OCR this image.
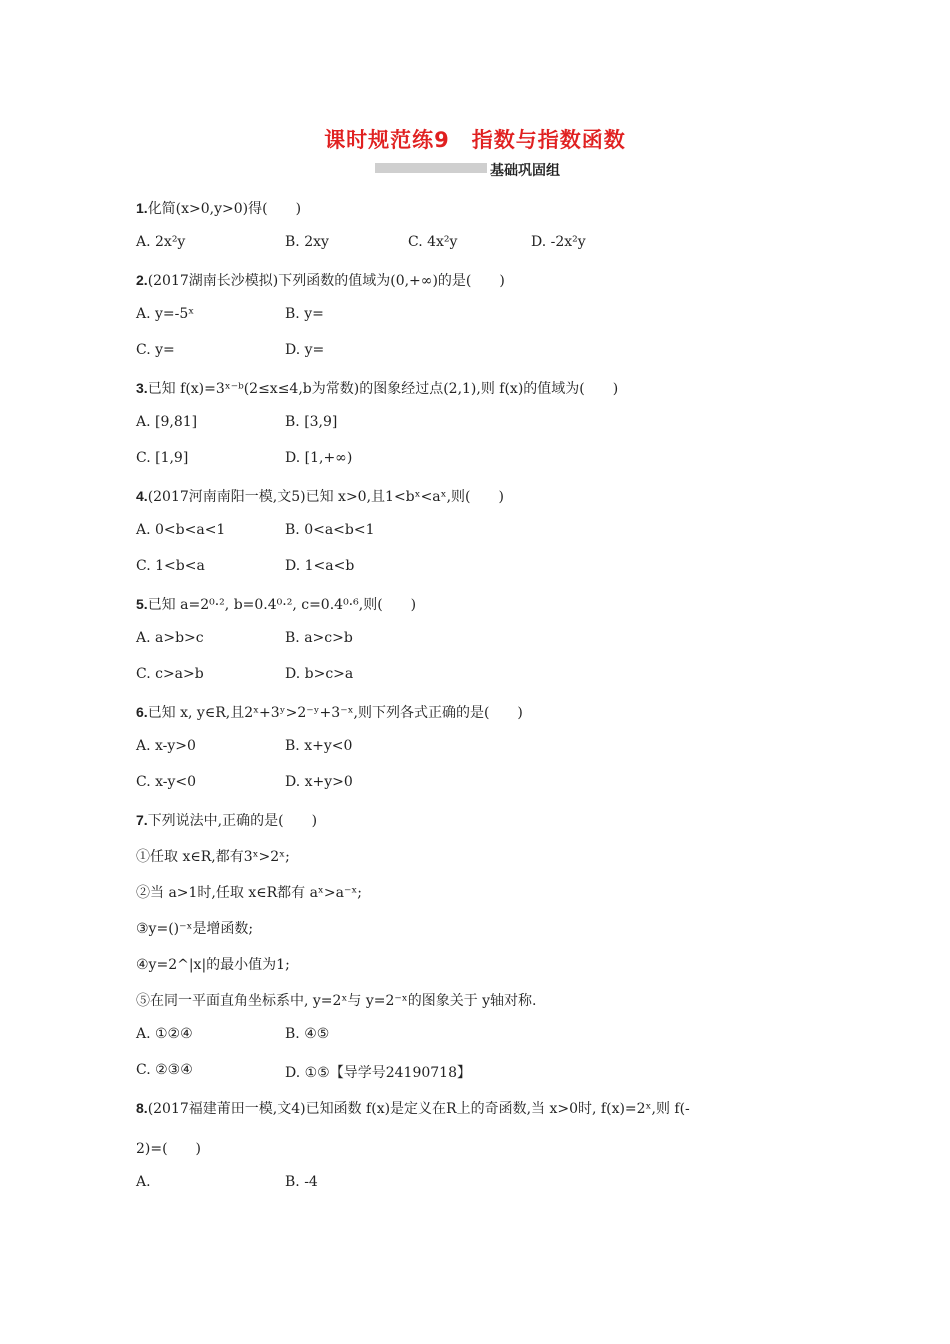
课时规范练9　指数与指数函数
基础巩固组
1.化简(x>0,y>0)得(　　)
A. 2x²y	B. 2xy	C. 4x²y	D. -2x²y
2.(2017湖南长沙模拟)下列函数的值域为(0,+∞)的是(　　)
A. y=-5ˣ	B. y=
C. y=	D. y=
3.已知 f(x)=3ˣ⁻ᵇ(2≤x≤4,b为常数)的图象经过点(2,1),则 f(x)的值域为(　　)
A. [9,81]	B. [3,9]
C. [1,9]	D. [1,+∞)
4.(2017河南南阳一模,文5)已知 x>0,且1<bˣ<aˣ,则(　　)
A. 0<b<a<1	B. 0<a<b<1
C. 1<b<a	D. 1<a<b
5.已知 a=2⁰·², b=0.4⁰·², c=0.4⁰·⁶,则(　　)
A. a>b>c	B. a>c>b
C. c>a>b	D. b>c>a
6.已知 x, y∈R,且2ˣ+3ʸ>2⁻ʸ+3⁻ˣ,则下列各式正确的是(　　)
A. x-y>0	B. x+y<0
C. x-y<0	D. x+y>0
7.下列说法中,正确的是(　　)
8.(2017福建莆田一模,文4)已知函数 f(x)是定义在R上的奇函数,当 x>0时, f(x)=2ˣ,则 f(-
A.	B. -4
①任取 x∈R,都有3ˣ>2ˣ;
②当 a>1时,任取 x∈R都有 aˣ>a⁻ˣ;
③y=()⁻ˣ是增函数;
④y=2^|x|的最小值为1;
⑤在同一平面直角坐标系中, y=2ˣ与 y=2⁻ˣ的图象关于 y轴对称.
A. ①②④	B. ④⑤
C. ②③④	D. ①⑤【导学号24190718】
2)=(　　)
